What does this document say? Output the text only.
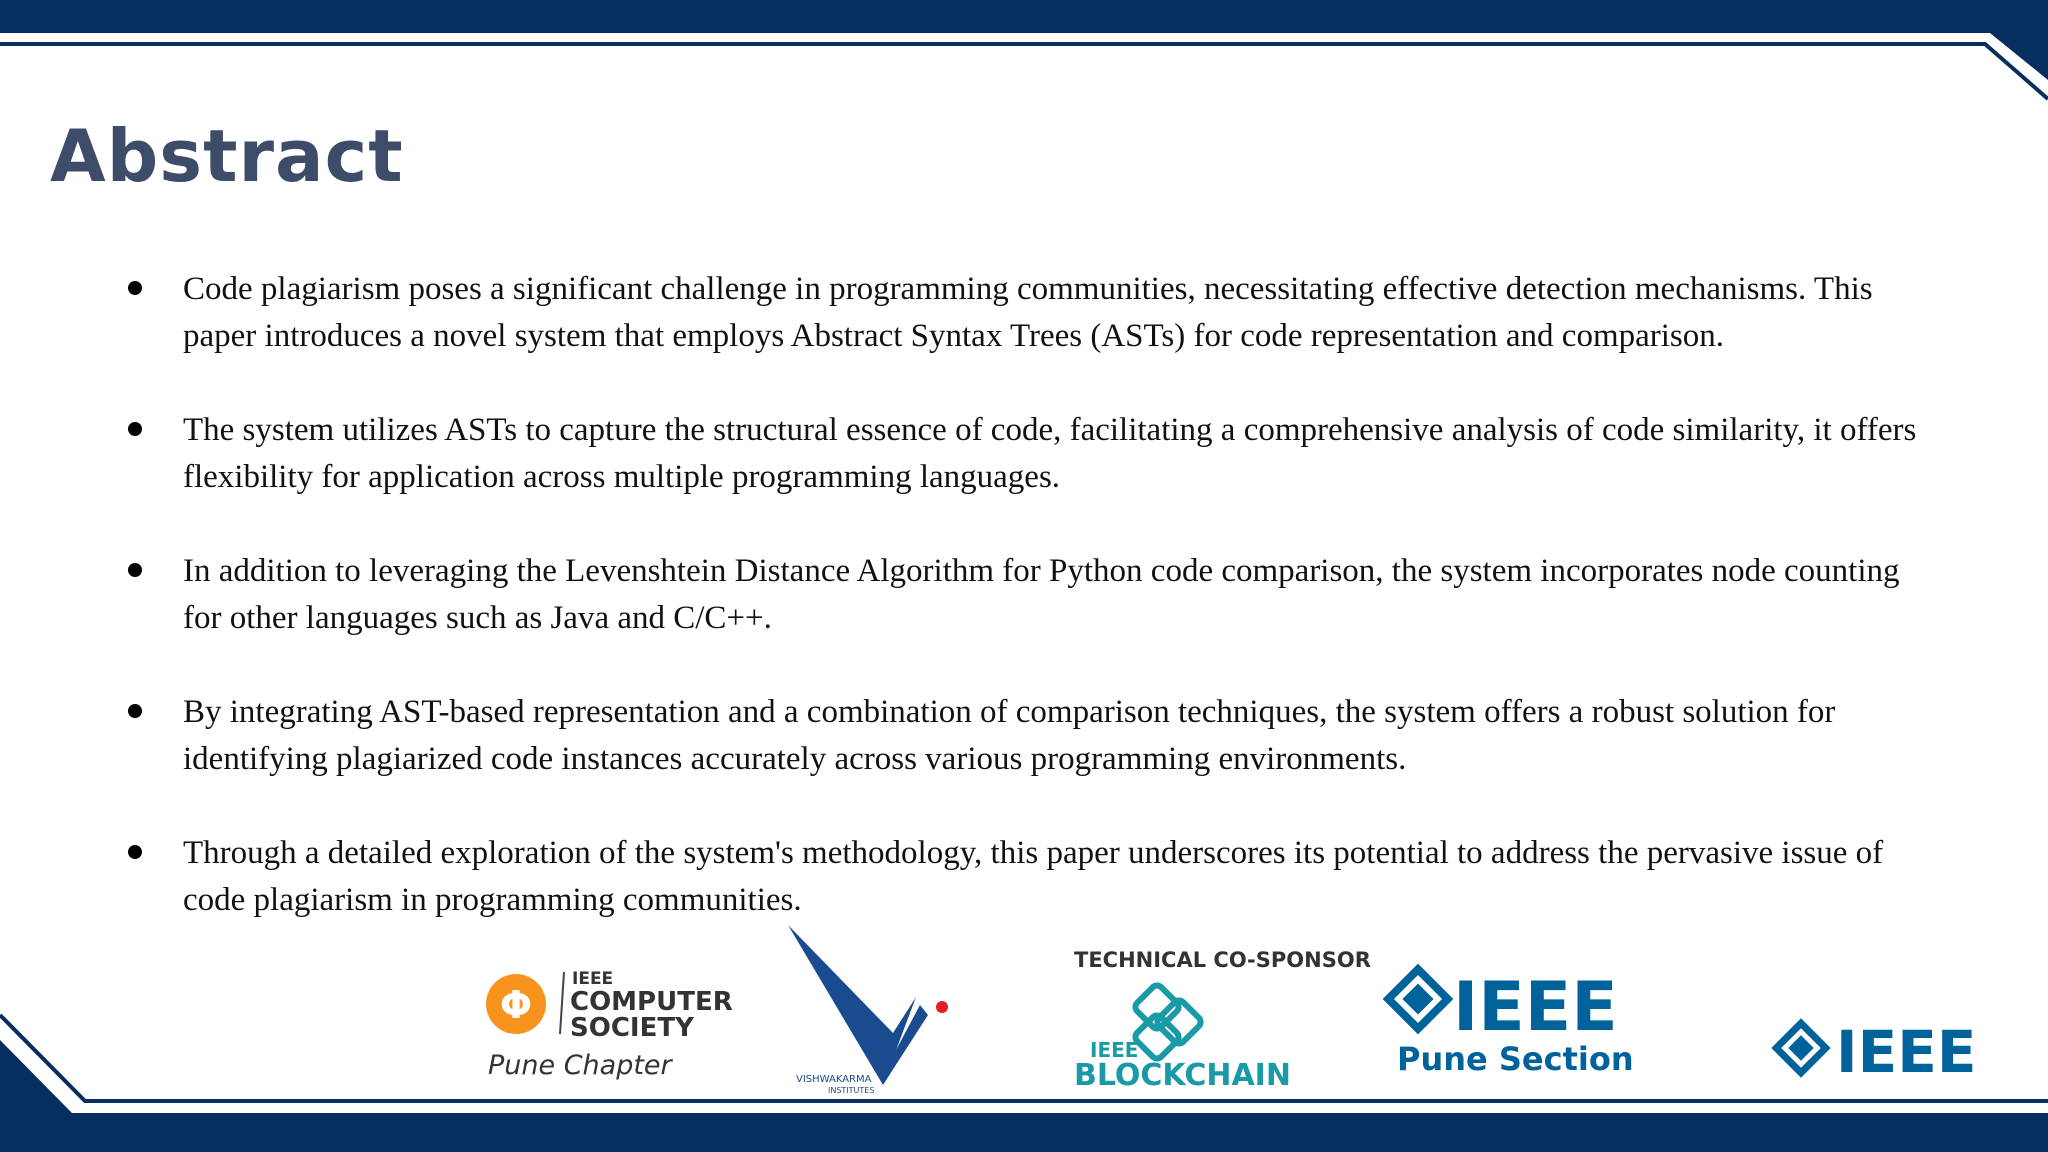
Abstract
Code plagiarism poses a significant challenge in programming communities, necessitating effective detection mechanisms. This paper introduces a novel system that employs Abstract Syntax Trees (ASTs) for code representation and comparison.
The system utilizes ASTs to capture the structural essence of code, facilitating a comprehensive analysis of code similarity, it offers flexibility for application across multiple programming languages.
In addition to leveraging the Levenshtein Distance Algorithm for Python code comparison, the system incorporates node counting for other languages such as Java and C/C++.
By integrating AST-based representation and a combination of comparison techniques, the system offers a robust solution for identifying plagiarized code instances accurately across various programming environments.
Through a detailed exploration of the system's methodology, this paper underscores its potential to address the pervasive issue of code plagiarism in programming communities.
Φ
IEEE
COMPUTER
SOCIETY
Pune Chapter	VISHWAKARMA
INSTITUTES
TECHNICAL CO-SPONSOR
IEEE
BLOCKCHAIN
IEEE
Pune Section	IEEE
